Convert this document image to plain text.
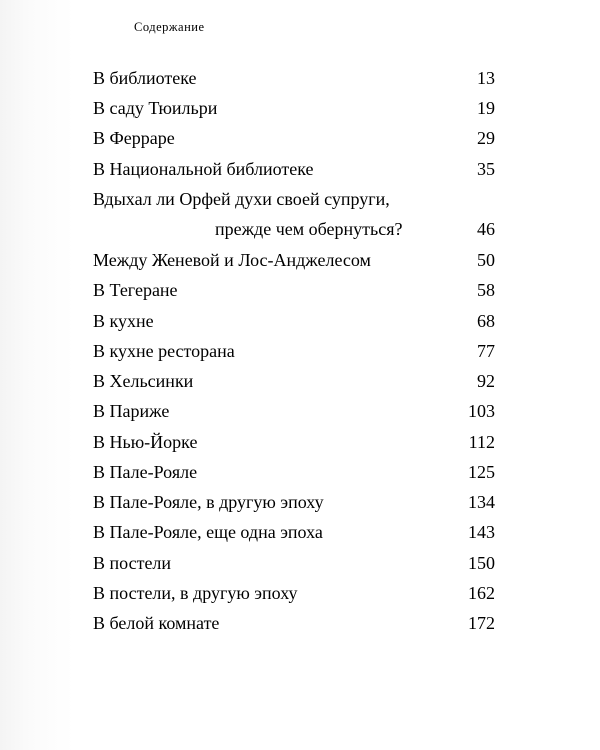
Содержание
В библиотеке	13
В саду Тюильри	19
В Ферраре	29
В Национальной библиотеке	35
Вдыхал ли Орфей духи своей супруги,
прежде чем обернуться?	46
Между Женевой и Лос-Анджелесом	50
В Тегеране	58
В кухне	68
В кухне ресторана	77
В Хельсинки	92
В Париже	103
В Нью-Йорке	112
В Пале-Рояле	125
В Пале-Рояле, в другую эпоху	134
В Пале-Рояле, еще одна эпоха	143
В постели	150
В постели, в другую эпоху	162
В белой комнате	172
